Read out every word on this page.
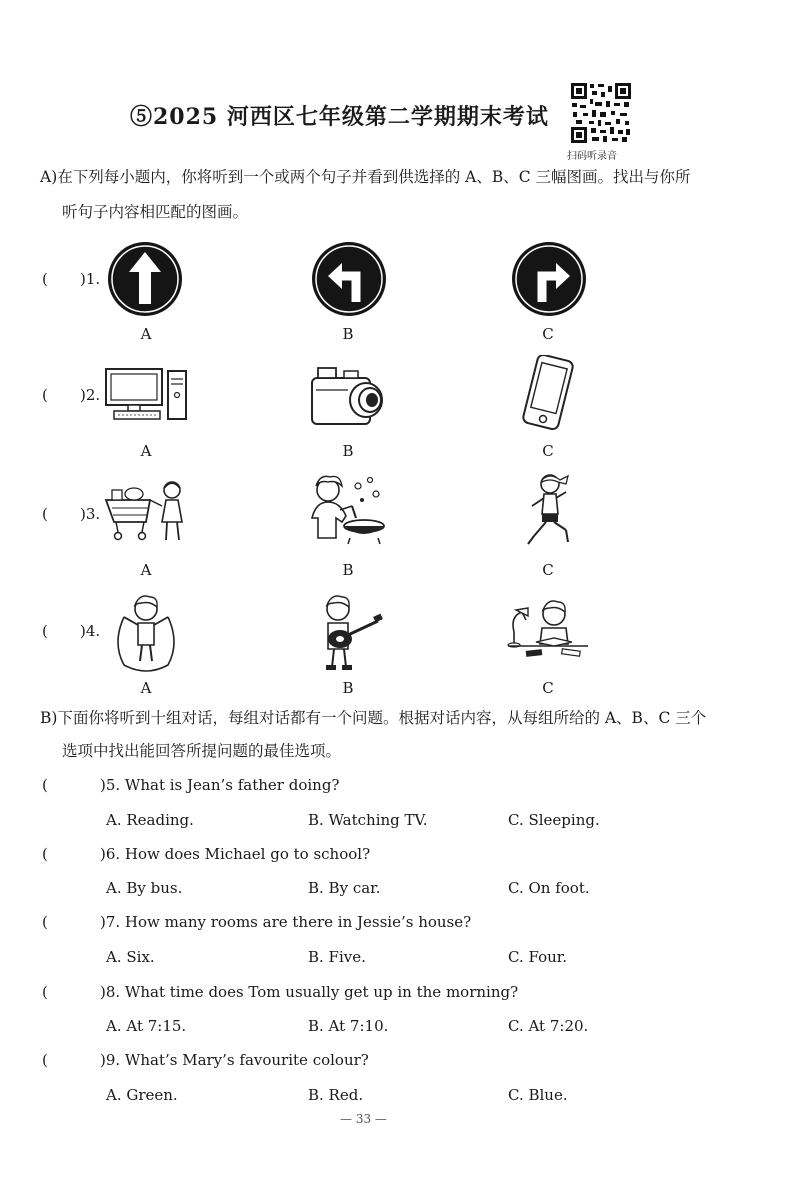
⑤2025 河西区七年级第二学期期末考试
扫码听录音
A)在下列每小题内，你将听到一个或两个句子并看到供选择的 A、B、C 三幅图画。找出与你所
听句子内容相匹配的图画。
( )1.
A	B	C
( )2.
A	B	C
( )3.
A	B	C
( )4.
A	B	C
B)下面你将听到十组对话，每组对话都有一个问题。根据对话内容，从每组所给的 A、B、C 三个
选项中找出能回答所提问题的最佳选项。
(	)5. What is Jean’s father doing?
A. Reading.	B. Watching TV.	C. Sleeping.
(	)6. How does Michael go to school?
A. By bus.	B. By car.	C. On foot.
(	)7. How many rooms are there in Jessie’s house?
A. Six.	B. Five.	C. Four.
(	)8. What time does Tom usually get up in the morning?
A. At 7:15.	B. At 7:10.	C. At 7:20.
(	)9. What’s Mary’s favourite colour?
A. Green.	B. Red.	C. Blue.
— 33 —
